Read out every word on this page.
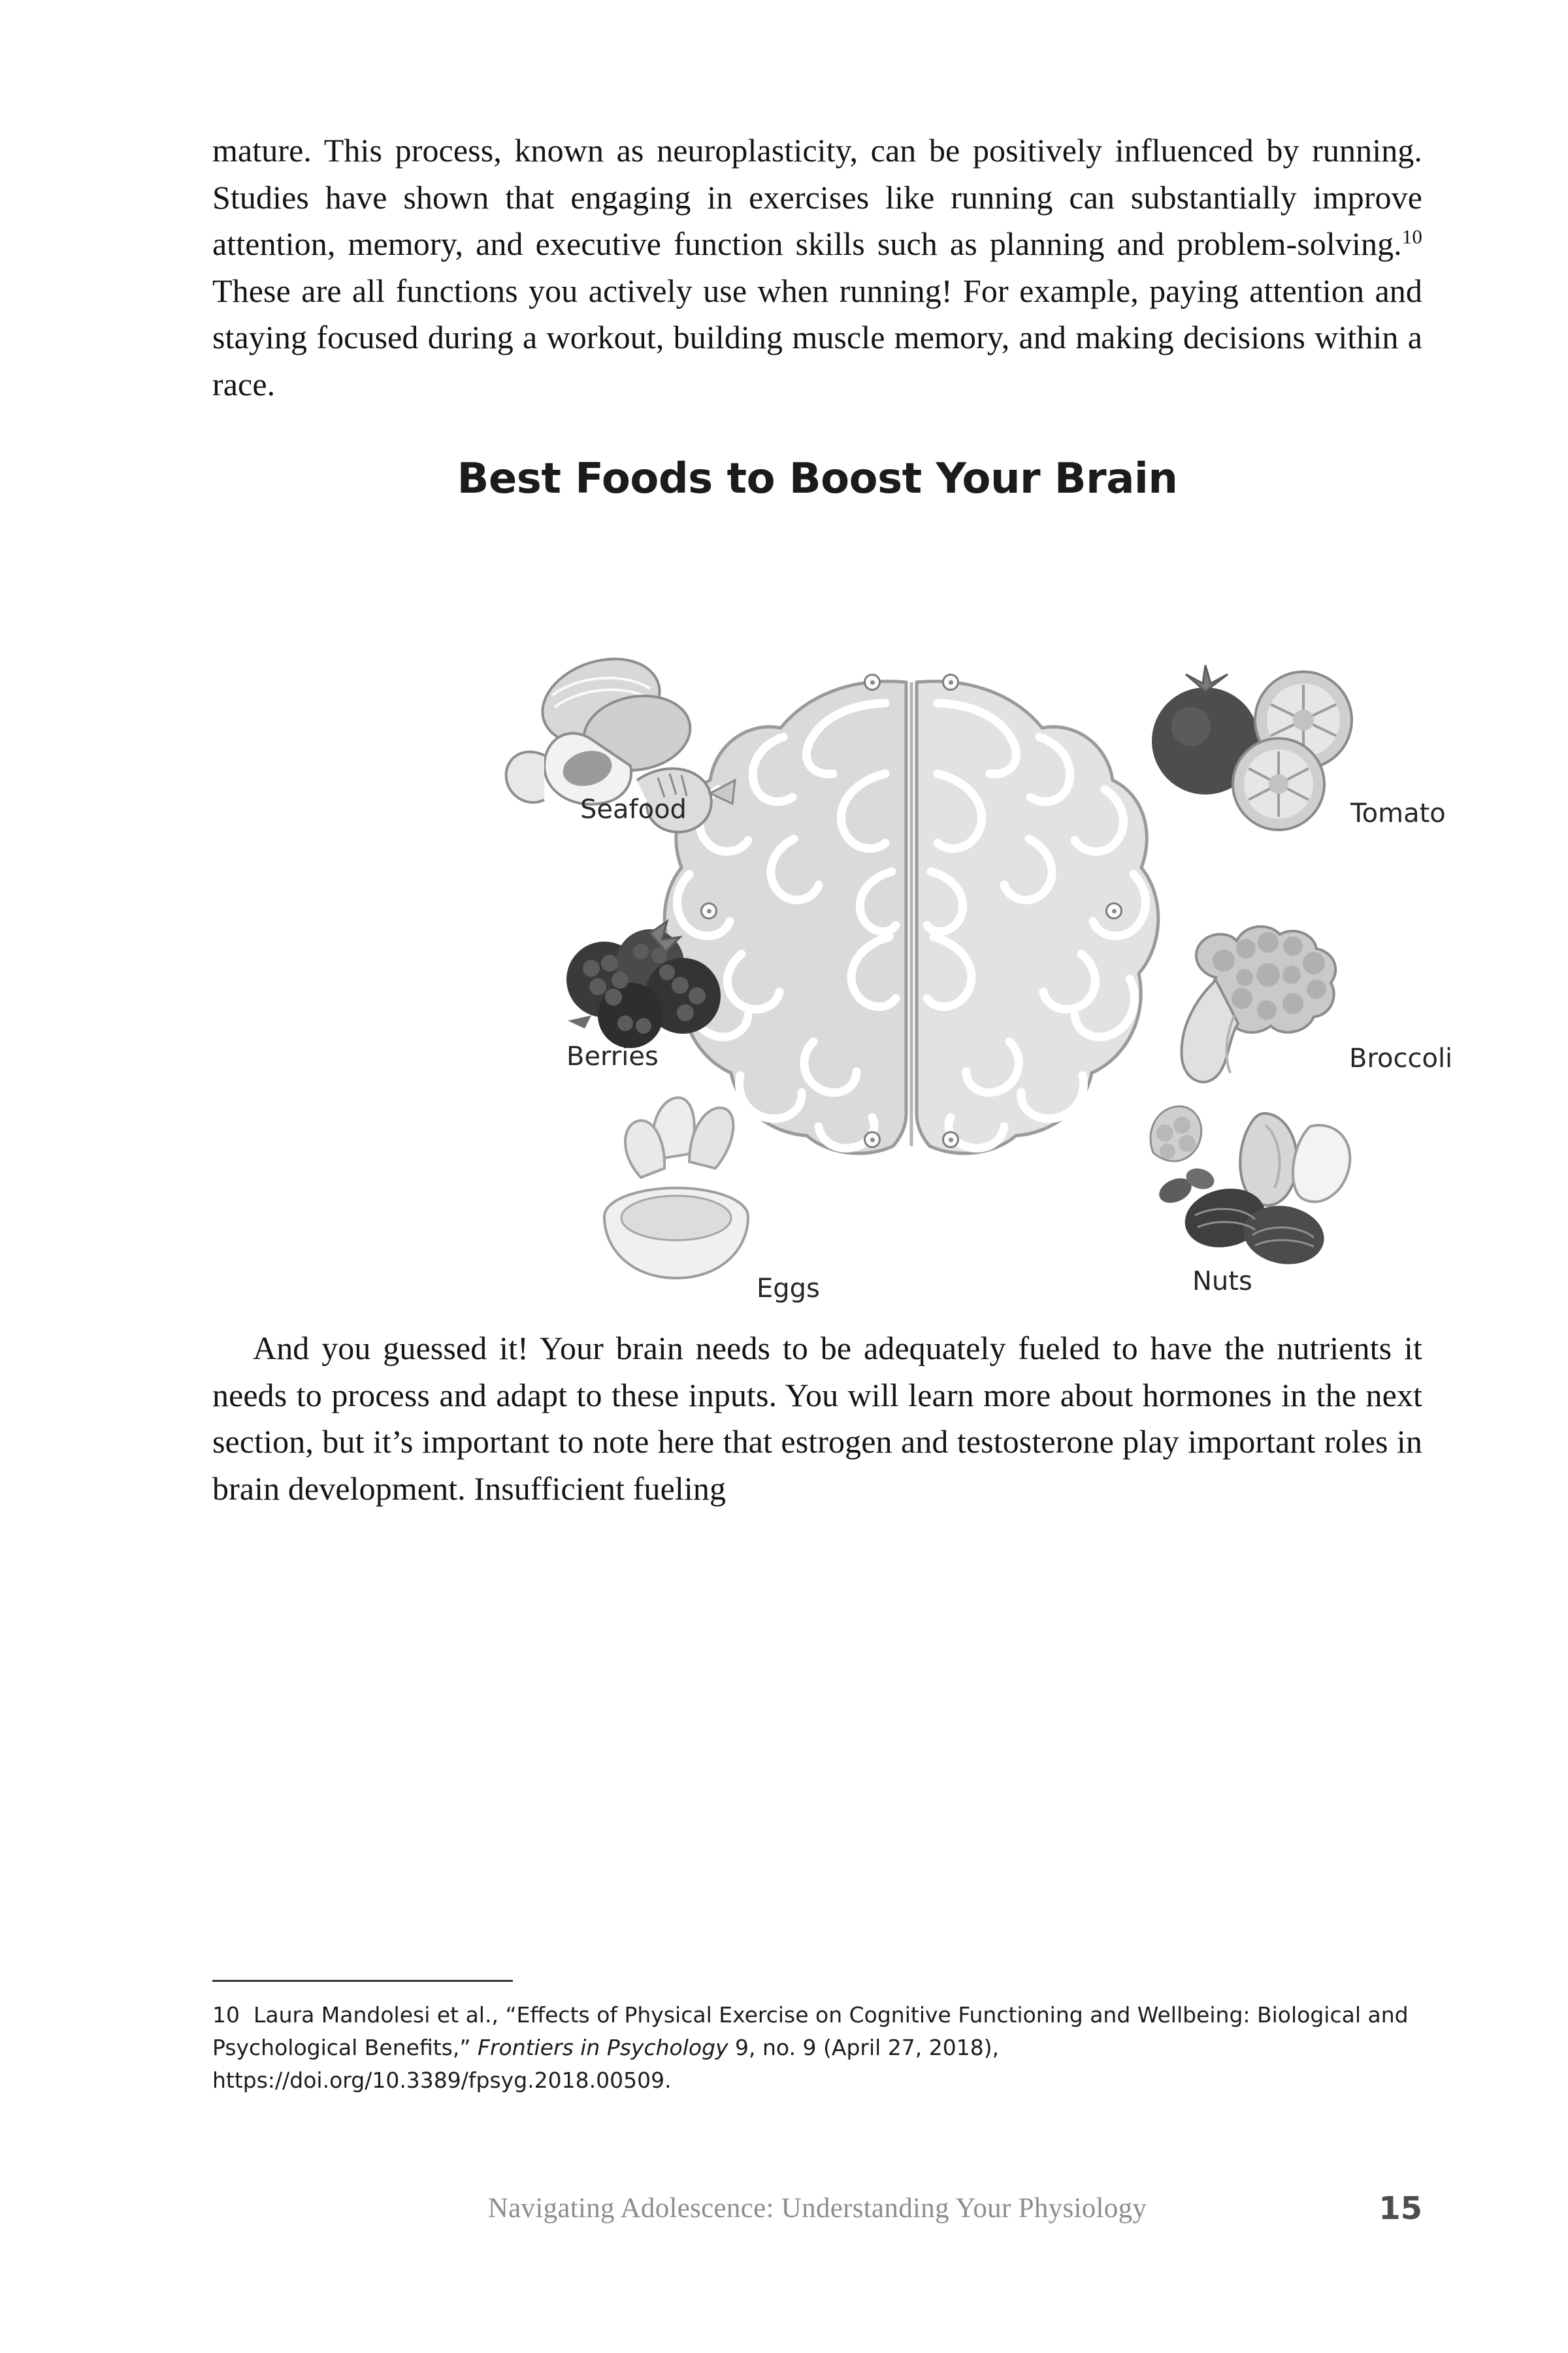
mature. This process, known as neuroplasticity, can be positively influenced by running. Studies have shown that engaging in exercises like running can substantially improve attention, memory, and executive function skills such as planning and problem-solving.$^{10}$ These are all functions you actively use when running! For example, paying attention and staying focused during a workout, building muscle memory, and making decisions within a race.

Best Foods to Boost Your Brain
Seafood
Berries
Eggs
Tomato
Broccoli
Nuts

And you guessed it! Your brain needs to be adequately fueled to have the nutrients it needs to process and adapt to these inputs. You will learn more about hormones in the next section, but it’s important to note here that estrogen and testosterone play important roles in brain development. Insufficient fueling

10 Laura Mandolesi et al., “Effects of Physical Exercise on Cognitive Functioning and Wellbeing: Biological and Psychological Benefits,” Frontiers in Psychology 9, no. 9 (April 27, 2018), https://doi.org/10.3389/fpsyg.2018.00509.
Navigating Adolescence: Understanding Your Physiology	15
